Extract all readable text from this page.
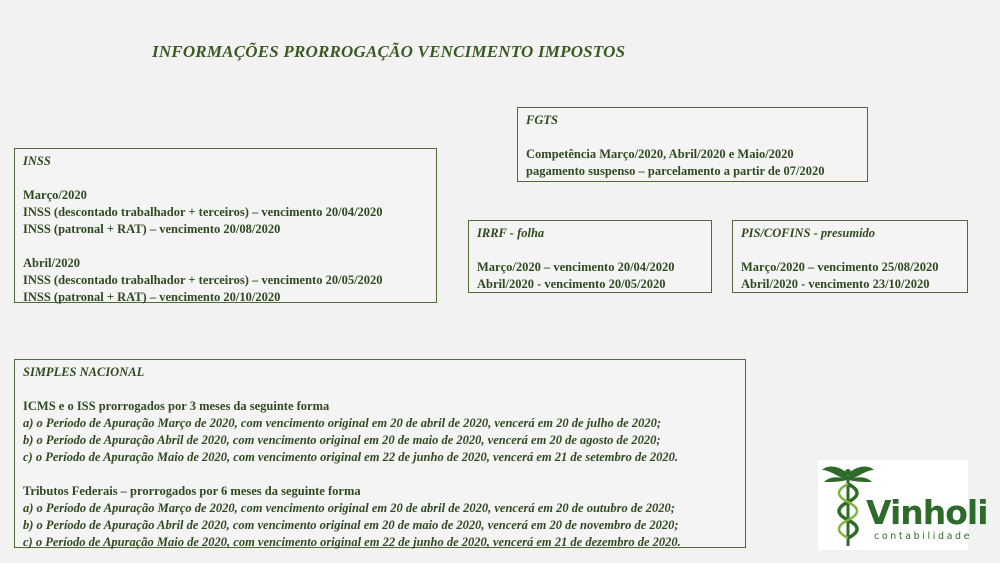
INFORMAÇÕES PRORROGAÇÃO VENCIMENTO IMPOSTOS
FGTS
Competência Março/2020, Abril/2020 e Maio/2020
pagamento suspenso – parcelamento a partir de 07/2020
INSS
Março/2020
INSS (descontado trabalhador + terceiros) – vencimento 20/04/2020
INSS (patronal + RAT) – vencimento 20/08/2020
Abril/2020
INSS (descontado trabalhador + terceiros) – vencimento 20/05/2020
INSS (patronal + RAT) – vencimento 20/10/2020
IRRF - folha
Março/2020 – vencimento 20/04/2020
Abril/2020 - vencimento 20/05/2020
PIS/COFINS - presumido
Março/2020 – vencimento 25/08/2020
Abril/2020 - vencimento 23/10/2020
SIMPLES NACIONAL
ICMS e o ISS prorrogados por 3 meses da seguinte forma
a) o Período de Apuração Março de 2020, com vencimento original em 20 de abril de 2020, vencerá em 20 de julho de 2020;
b) o Período de Apuração Abril de 2020, com vencimento original em 20 de maio de 2020, vencerá em 20 de agosto de 2020;
c) o Período de Apuração Maio de 2020, com vencimento original em 22 de junho de 2020, vencerá em 21 de setembro de 2020.
Tributos Federais – prorrogados por 6 meses da seguinte forma
a) o Período de Apuração Março de 2020, com vencimento original em 20 de abril de 2020, vencerá em 20 de outubro de 2020;
b) o Período de Apuração Abril de 2020, com vencimento original em 20 de maio de 2020, vencerá em 20 de novembro de 2020;
c) o Período de Apuração Maio de 2020, com vencimento original em 22 de junho de 2020, vencerá em 21 de dezembro de 2020.
Vinholi
contabilidade
